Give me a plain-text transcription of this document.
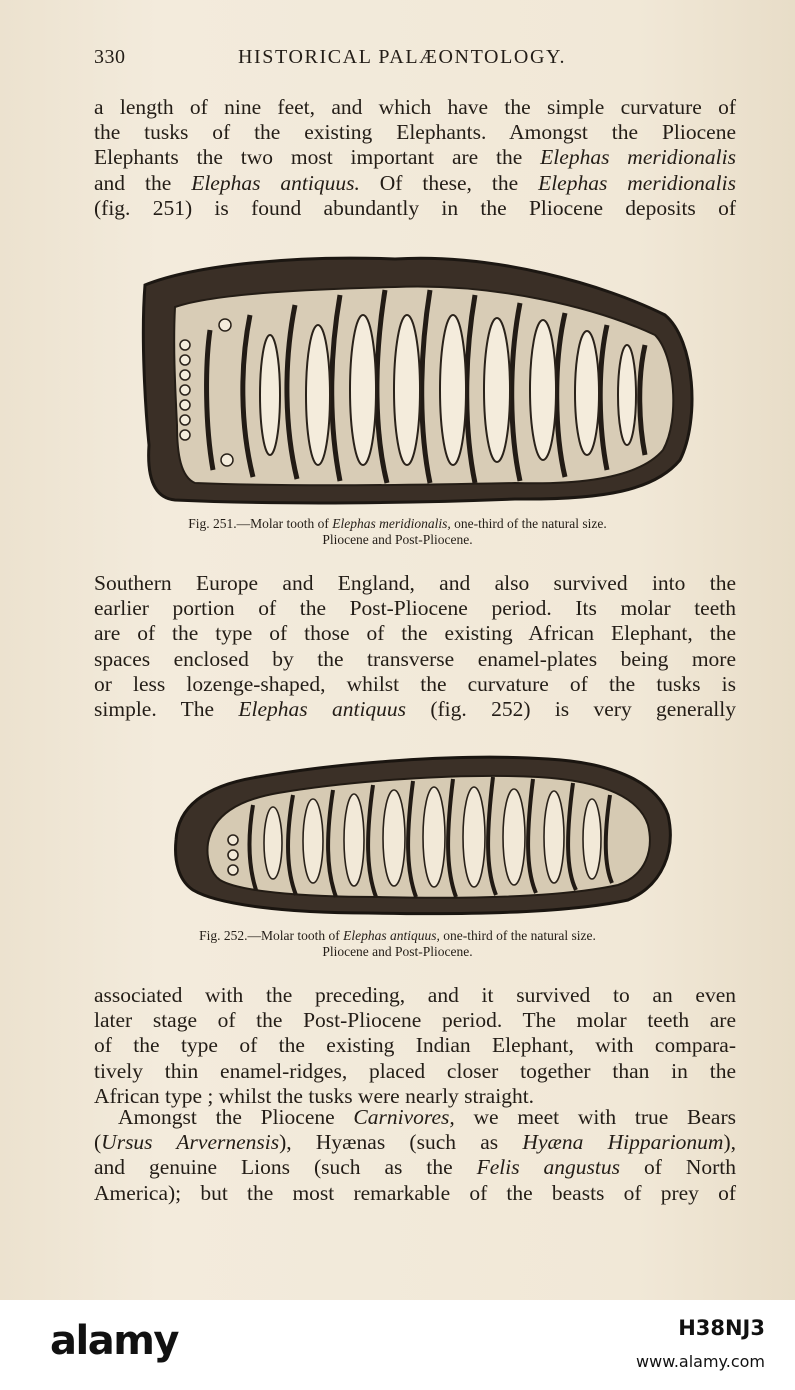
330	HISTORICAL PALÆONTOLOGY.
a length of nine feet, and which have the simple curvature of
the tusks of the existing Elephants. Amongst the Pliocene
Elephants the two most important are the Elephas meridionalis
and the Elephas antiquus. Of these, the Elephas meridionalis
(fig. 251) is found abundantly in the Pliocene deposits of
Fig. 251.—Molar tooth of Elephas meridionalis, one-third of the natural size.
Pliocene and Post-Pliocene.
Southern Europe and England, and also survived into the
earlier portion of the Post-Pliocene period. Its molar teeth
are of the type of those of the existing African Elephant, the
spaces enclosed by the transverse enamel-plates being more
or less lozenge-shaped, whilst the curvature of the tusks is
simple. The Elephas antiquus (fig. 252) is very generally
Fig. 252.—Molar tooth of Elephas antiquus, one-third of the natural size.
Pliocene and Post-Pliocene.
associated with the preceding, and it survived to an even
later stage of the Post-Pliocene period. The molar teeth are
of the type of the existing Indian Elephant, with compara-
tively thin enamel-ridges, placed closer together than in the
African type ; whilst the tusks were nearly straight.
Amongst the Pliocene Carnivores, we meet with true Bears
(Ursus Arvernensis), Hyænas (such as Hyæna Hipparionum),
and genuine Lions (such as the Felis angustus of North
America); but the most remarkable of the beasts of prey of
alamy	H38NJ3
www.alamy.com
